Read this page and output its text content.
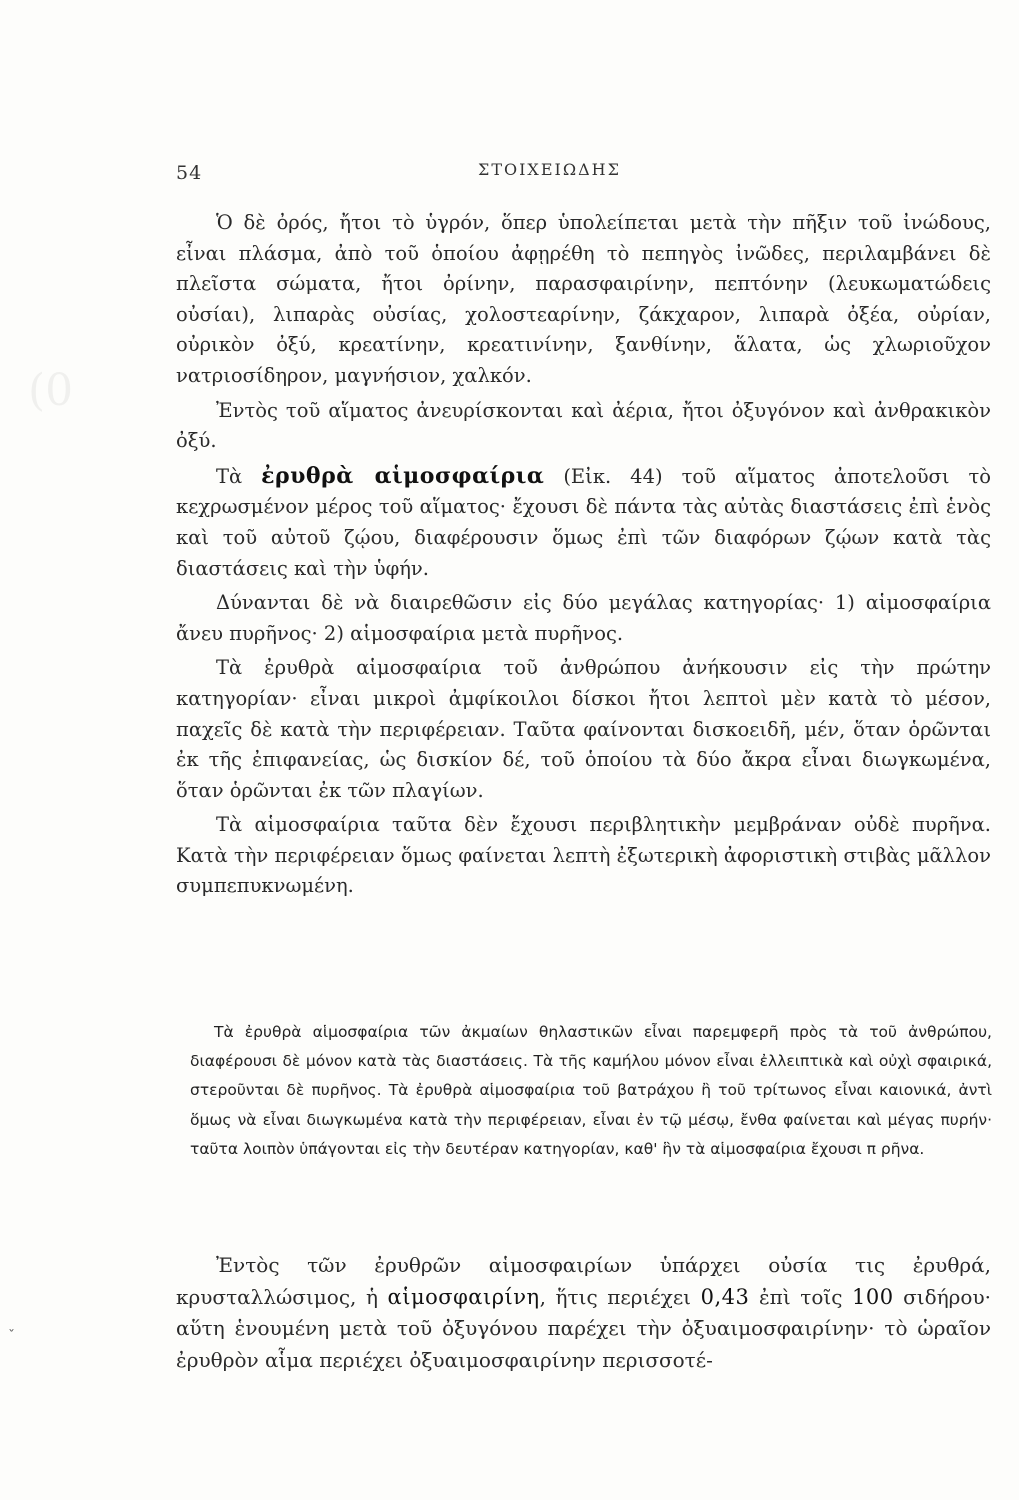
(0
ˇ
54	ΣΤΟΙΧΕΙΩΔΗΣ

Ὁ δὲ ὀρός, ἤτοι τὸ ὑγρόν, ὅπερ ὑπολείπεται μετὰ τὴν πῆξιν τοῦ ἰνώδους, εἶναι πλάσμα, ἀπὸ τοῦ ὁποίου ἀφῃρέθη τὸ πεπηγὸς ἰνῶδες, περιλαμβάνει δὲ πλεῖστα σώματα, ἤτοι ὀρίνην, παρασφαιρίνην, πεπτόνην (λευκωματώδεις οὐσίαι), λιπαρὰς οὐσίας, χολοστεαρίνην, ζάκχαρον, λιπαρὰ ὀξέα, οὐρίαν, οὐρικὸν ὀξύ, κρεατίνην, κρεατινίνην, ξανθίνην, ἅλατα, ὡς χλωριοῦχον νατριοσίδηρον, μαγνήσιον, χαλκόν.

Ἐντὸς τοῦ αἵματος ἀνευρίσκονται καὶ ἀέρια, ἤτοι ὀξυγόνον καὶ ἀνθρακικὸν ὀξύ.

Τὰ ἐρυθρὰ αἱμοσφαίρια (Εἰκ. 44) τοῦ αἵματος ἀποτελοῦσι τὸ κεχρωσμένον μέρος τοῦ αἵματος· ἔχουσι δὲ πάντα τὰς αὐτὰς διαστάσεις ἐπὶ ἑνὸς καὶ τοῦ αὐτοῦ ζῴου, διαφέρουσιν ὅμως ἐπὶ τῶν διαφόρων ζῴων κατὰ τὰς διαστάσεις καὶ τὴν ὑφήν.

Δύνανται δὲ νὰ διαιρεθῶσιν εἰς δύο μεγάλας κατηγορίας· 1) αἱμοσφαίρια ἄνευ πυρῆνος· 2) αἱμοσφαίρια μετὰ πυρῆνος.

Τὰ ἐρυθρὰ αἱμοσφαίρια τοῦ ἀνθρώπου ἀνήκουσιν εἰς τὴν πρώτην κατηγορίαν· εἶναι μικροὶ ἀμφίκοιλοι δίσκοι ἤτοι λεπτοὶ μὲν κατὰ τὸ μέσον, παχεῖς δὲ κατὰ τὴν περιφέρειαν. Ταῦτα φαίνονται δισκοειδῆ, μέν, ὅταν ὁρῶνται ἐκ τῆς ἐπιφανείας, ὡς δισκίον δέ, τοῦ ὁποίου τὰ δύο ἄκρα εἶναι διωγκωμένα, ὅταν ὁρῶνται ἐκ τῶν πλαγίων.

Τὰ αἱμοσφαίρια ταῦτα δὲν ἔχουσι περιβλητικὴν μεμβράναν οὐδὲ πυρῆνα. Κατὰ τὴν περιφέρειαν ὅμως φαίνεται λεπτὴ ἐξωτερικὴ ἀφοριστικὴ στιβὰς μᾶλλον συμπεπυκνωμένη.

Τὰ ἐρυθρὰ αἱμοσφαίρια τῶν ἀκμαίων θηλαστικῶν εἶναι παρεμφερῆ πρὸς τὰ τοῦ ἀνθρώπου, διαφέρουσι δὲ μόνον κατὰ τὰς διαστάσεις. Τὰ τῆς καμήλου μόνον εἶναι ἐλλειπτικὰ καὶ οὐχὶ σφαιρικά, στεροῦνται δὲ πυρῆνος. Τὰ ἐρυθρὰ αἱμοσφαίρια τοῦ βατράχου ἢ τοῦ τρίτωνος εἶναι καιονικά, ἀντὶ ὅμως νὰ εἶναι διωγκωμένα κατὰ τὴν περιφέρειαν, εἶναι ἐν τῷ μέσῳ, ἔνθα φαίνεται καὶ μέγας πυρήν· ταῦτα λοιπὸν ὑπάγονται εἰς τὴν δευτέραν κατηγορίαν, καθ' ἣν τὰ αἱμοσφαίρια ἔχουσι π ρῆνα.

Ἐντὸς τῶν ἐρυθρῶν αἱμοσφαιρίων ὑπάρχει οὐσία τις ἐρυθρά, κρυσταλλώσιμος, ἡ αἱμοσφαιρίνη, ἥτις περιέχει 0,43 ἐπὶ τοῖς 100 σιδήρου· αὕτη ἑνουμένη μετὰ τοῦ ὀξυγόνου παρέχει τὴν ὀξυαιμοσφαιρίνην· τὸ ὡραῖον ἐρυθρὸν αἷμα περιέχει ὀξυαιμοσφαιρίνην περισσοτέ-
